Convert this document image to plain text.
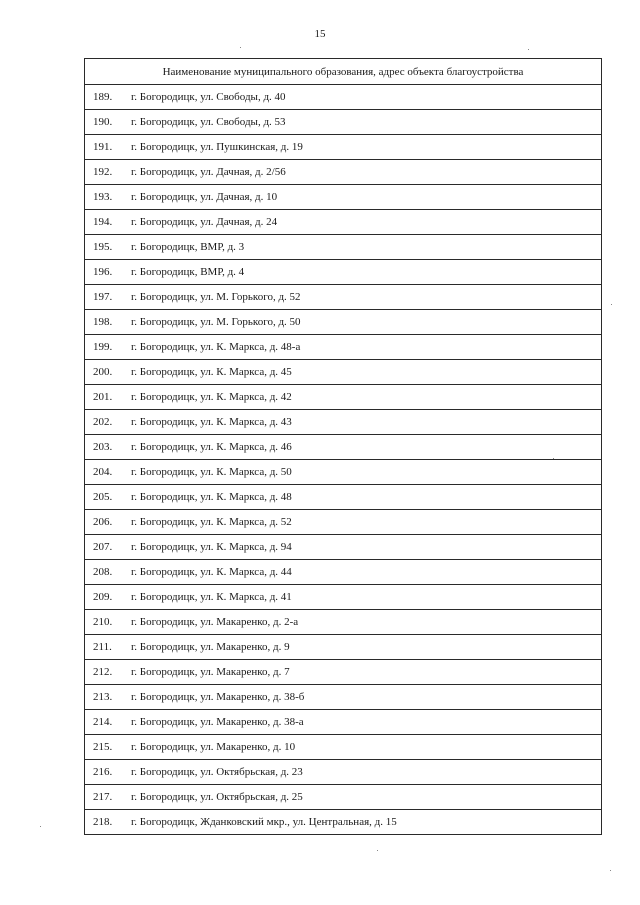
15
Наименование муниципального образования, адрес объекта благоустройства
189. г. Богородицк, ул. Свободы, д. 40
190. г. Богородицк, ул. Свободы, д. 53
191. г. Богородицк, ул. Пушкинская, д. 19
192. г. Богородицк, ул. Дачная, д. 2/56
193. г. Богородицк, ул. Дачная, д. 10
194. г. Богородицк, ул. Дачная, д. 24
195. г. Богородицк, ВМР, д. 3
196. г. Богородицк, ВМР, д. 4
197. г. Богородицк, ул. М. Горького, д. 52
198. г. Богородицк, ул. М. Горького, д. 50
199. г. Богородицк, ул. К. Маркса, д. 48-а
200. г. Богородицк, ул. К. Маркса, д. 45
201. г. Богородицк, ул. К. Маркса, д. 42
202. г. Богородицк, ул. К. Маркса, д. 43
203. г. Богородицк, ул. К. Маркса, д. 46
204. г. Богородицк, ул. К. Маркса, д. 50
205. г. Богородицк, ул. К. Маркса, д. 48
206. г. Богородицк, ул. К. Маркса, д. 52
207. г. Богородицк, ул. К. Маркса, д. 94
208. г. Богородицк, ул. К. Маркса, д. 44
209. г. Богородицк, ул. К. Маркса, д. 41
210. г. Богородицк, ул. Макаренко, д. 2-а
211. г. Богородицк, ул. Макаренко, д. 9
212. г. Богородицк, ул. Макаренко, д. 7
213. г. Богородицк, ул. Макаренко, д. 38-б
214. г. Богородицк, ул. Макаренко, д. 38-а
215. г. Богородицк, ул. Макаренко, д. 10
216. г. Богородицк, ул. Октябрьская, д. 23
217. г. Богородицк, ул. Октябрьская, д. 25
218. г. Богородицк, Жданковский мкр., ул. Центральная, д. 15
